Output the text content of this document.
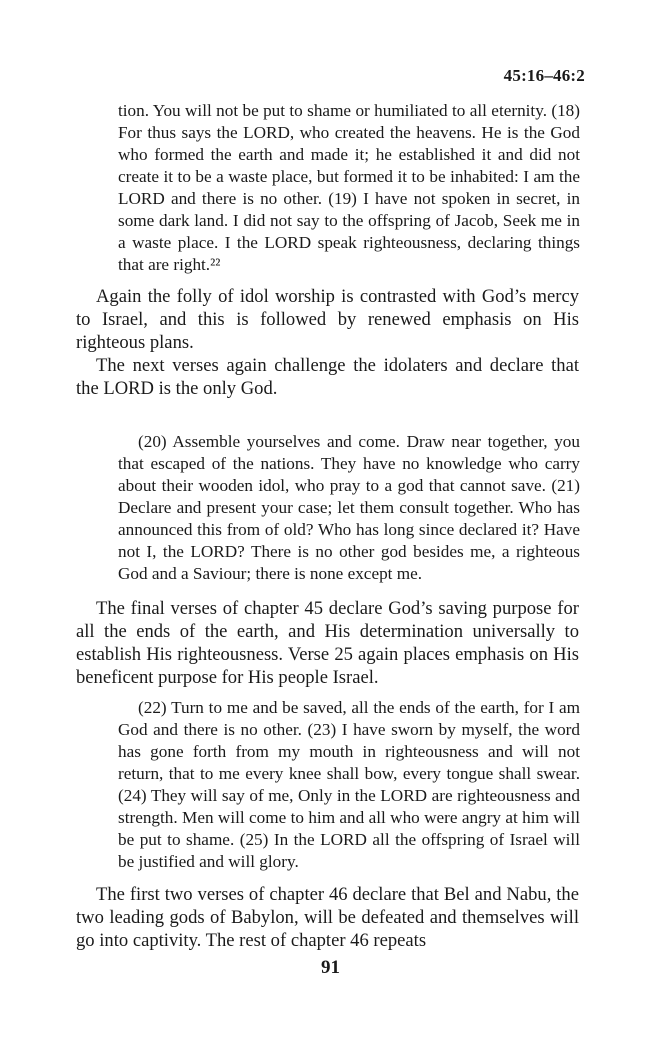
45:16–46:2

tion. You will not be put to shame or humiliated to all eternity. (18) For thus says the LORD, who created the heavens. He is the God who formed the earth and made it; he established it and did not create it to be a waste place, but formed it to be inhabited: I am the LORD and there is no other. (19) I have not spoken in secret, in some dark land. I did not say to the offspring of Jacob, Seek me in a waste place. I the LORD speak righteousness, declaring things that are right.²²

Again the folly of idol worship is contrasted with God’s mercy to Israel, and this is followed by renewed emphasis on His righteous plans.

The next verses again challenge the idolaters and declare that the LORD is the only God.

(20) Assemble yourselves and come. Draw near together, you that escaped of the nations. They have no knowledge who carry about their wooden idol, who pray to a god that cannot save. (21) Declare and present your case; let them consult together. Who has announced this from of old? Who has long since declared it? Have not I, the LORD? There is no other god besides me, a righteous God and a Saviour; there is none except me.

The final verses of chapter 45 declare God’s saving purpose for all the ends of the earth, and His determination universally to establish His righteousness. Verse 25 again places emphasis on His beneficent purpose for His people Israel.

(22) Turn to me and be saved, all the ends of the earth, for I am God and there is no other. (23) I have sworn by myself, the word has gone forth from my mouth in righteousness and will not return, that to me every knee shall bow, every tongue shall swear. (24) They will say of me, Only in the LORD are righteousness and strength. Men will come to him and all who were angry at him will be put to shame. (25) In the LORD all the offspring of Israel will be justified and will glory.

The first two verses of chapter 46 declare that Bel and Nabu, the two leading gods of Babylon, will be defeated and themselves will go into captivity. The rest of chapter 46 repeats

91
